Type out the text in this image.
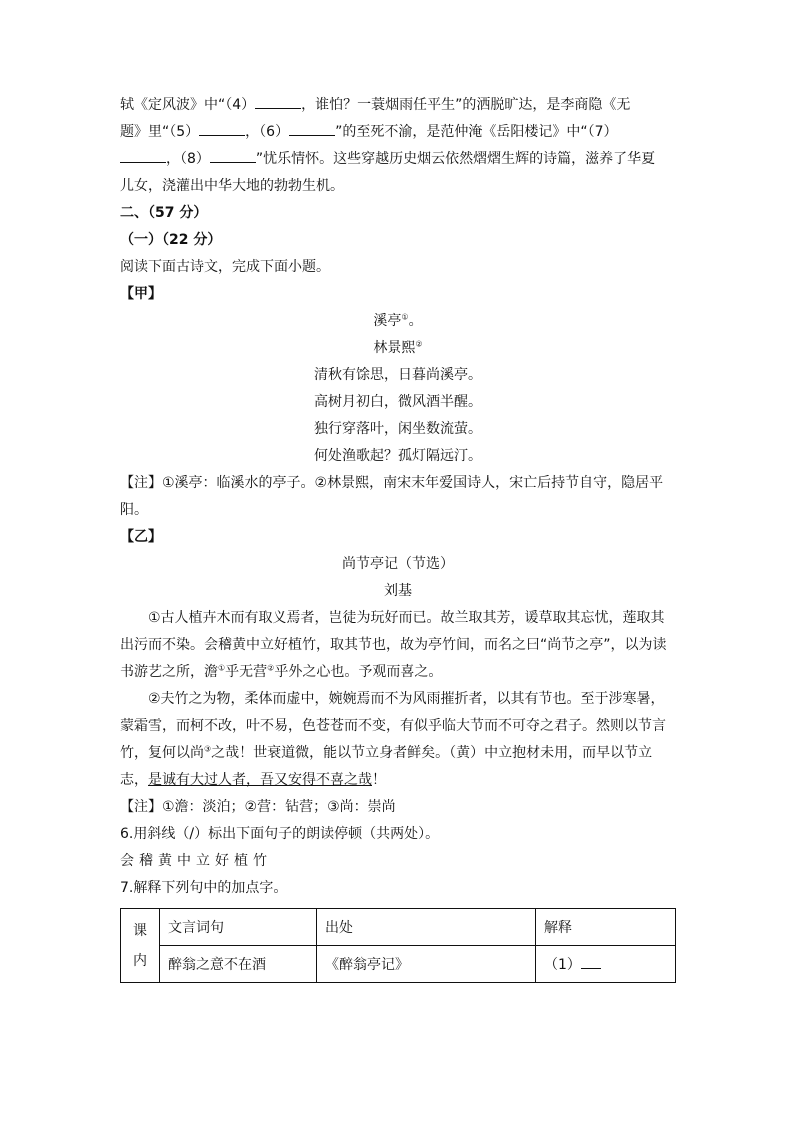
轼《定风波》中“（4）	，谁怕？一蓑烟雨任平生”的洒脱旷达，是李商隐《无

题》里“（5）	，（6）	”的至死不渝，是范仲淹《岳阳楼记》中“（7）

，（8）	”忧乐情怀。这些穿越历史烟云依然熠熠生辉的诗篇，滋养了华夏

儿女，浇灌出中华大地的勃勃生机。

二、（57 分）

（一）（22 分）

阅读下面古诗文，完成下面小题。

【甲】

溪亭①。

林景熙②

清秋有馀思，日暮尚溪亭。

高树月初白，微风酒半醒。

独行穿落叶，闲坐数流萤。

何处渔歌起？孤灯隔远汀。

【注】①溪亭：临溪水的亭子。②林景熙，南宋末年爱国诗人，宋亡后持节自守，隐居平

阳。

【乙】

尚节亭记（节选）

刘基

①古人植卉木而有取义焉者，岂徒为玩好而已。故兰取其芳，谖草取其忘忧，莲取其

出污而不染。会稽黄中立好植竹，取其节也，故为亭竹间，而名之曰“尚节之亭”，以为读

书游艺之所，澹①乎无营②乎外之心也。予观而喜之。

②夫竹之为物，柔体而虚中，婉婉焉而不为风雨摧折者，以其有节也。至于涉寒暑，

蒙霜雪，而柯不改，叶不易，色苍苍而不变，有似乎临大节而不可夺之君子。然则以节言

竹，复何以尚③之哉！世衰道微，能以节立身者鲜矣。（黄）中立抱材未用，而早以节立

志，是诚有大过人者，吾又安得不喜之哉！

【注】①澹：淡泊；②营：钻营；③尚：崇尚

6.用斜线（/）标出下面句子的朗读停顿（共两处）。

会稽黄中立好植竹

7.解释下列句中的加点字。

课
内	文言词句	出处	解释
	醉翁之意不在酒	《醉翁亭记》	（1）
